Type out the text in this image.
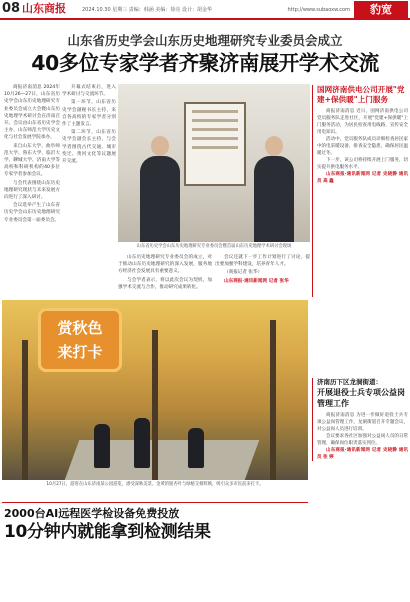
08 山东商报	2024.10.30 星期三 责编：韩涵 美编：徐亮 设计：胡金华	http://www.subaoxw.com	豹宽
山东省历史学会山东历史地理研究专业委员会成立
40多位专家学者齐聚济南展开学术交流

商报济南消息 2024年10月26—27日，山东省历史学会山东历史地理研究专业委员会成立大会暨山东历史地理学术研讨会在济南召开。会议由山东省历史学会主办，山东师范大学历史文化与社会发展学院承办。

来自山东大学、曲阜师范大学、鲁东大学、临沂大学、聊城大学、济南大学等高校和科研机构的40多位专家学者参加会议。

与会代表围绕山东历史地理研究现状与未来发展方向进行了深入研讨。

会议选举产生了山东省历史学会山东历史地理研究专业委员会第一届委员会。

开幕式结束后，进入学术研讨与交流环节。

第一环节，山东省历史学会副秘书长主持，来自各高校的专家学者分别作了主题发言。

第二环节，山东省历史学会副会长主持，与会学者围绕古代交通、城市变迁、黄河文化等议题展开交流。

山东省历史学会山东历史地理研究专业委员会暨首届山东历史地理学术研讨会现场

山东历史地理研究专业委员会的成立，对于推动山东历史地理研究的深入发展，服务地方经济社会发展具有重要意义。

与会学者表示，将以此次会议为契机，加强学术交流与合作，推动研究成果转化。

会议还就下一步工作计划进行了讨论，提出要加强学科建设，培养青年人才。

（商报记者 张华）

山东商报·通讯新闻网 记者 张华

国网济南供电公司开展"党建+保供暖"上门服务

商报济南消息 近日，国网济南供电公司党员服务队走进社区，开展"党建+保供暖"上门服务活动，为居民检查用电线路，宣传安全用电知识。

活动中，党员服务队成员详细检查居民家中的电采暖设备，排查安全隐患，确保居民温暖过冬。

下一步，该公司将持续开展上门服务，切实提升供电服务水平。

山东商报·通讯新闻网 记者 史晓静 通讯员 高 鑫

济南历下区龙洞街道：
开展退役士兵专项公益岗管理工作

商报济南消息 为进一步做好退役士兵专项公益岗管理工作，龙洞街道召开专题会议，对公益岗人员进行培训。

会议要求各社区加强对公益岗人员的日常管理，确保岗位职责落实到位。

山东商报·通讯新闻网 记者 史晓静 通讯员 张 婷

赏秋色
来打卡
10月27日，游客在山东济南某公园游览，感受深秋美景。金黄的银杏叶与绿植交相辉映，吸引众多市民前来打卡。
2000台AI远程医学检设备免费投放
10分钟内就能拿到检测结果
